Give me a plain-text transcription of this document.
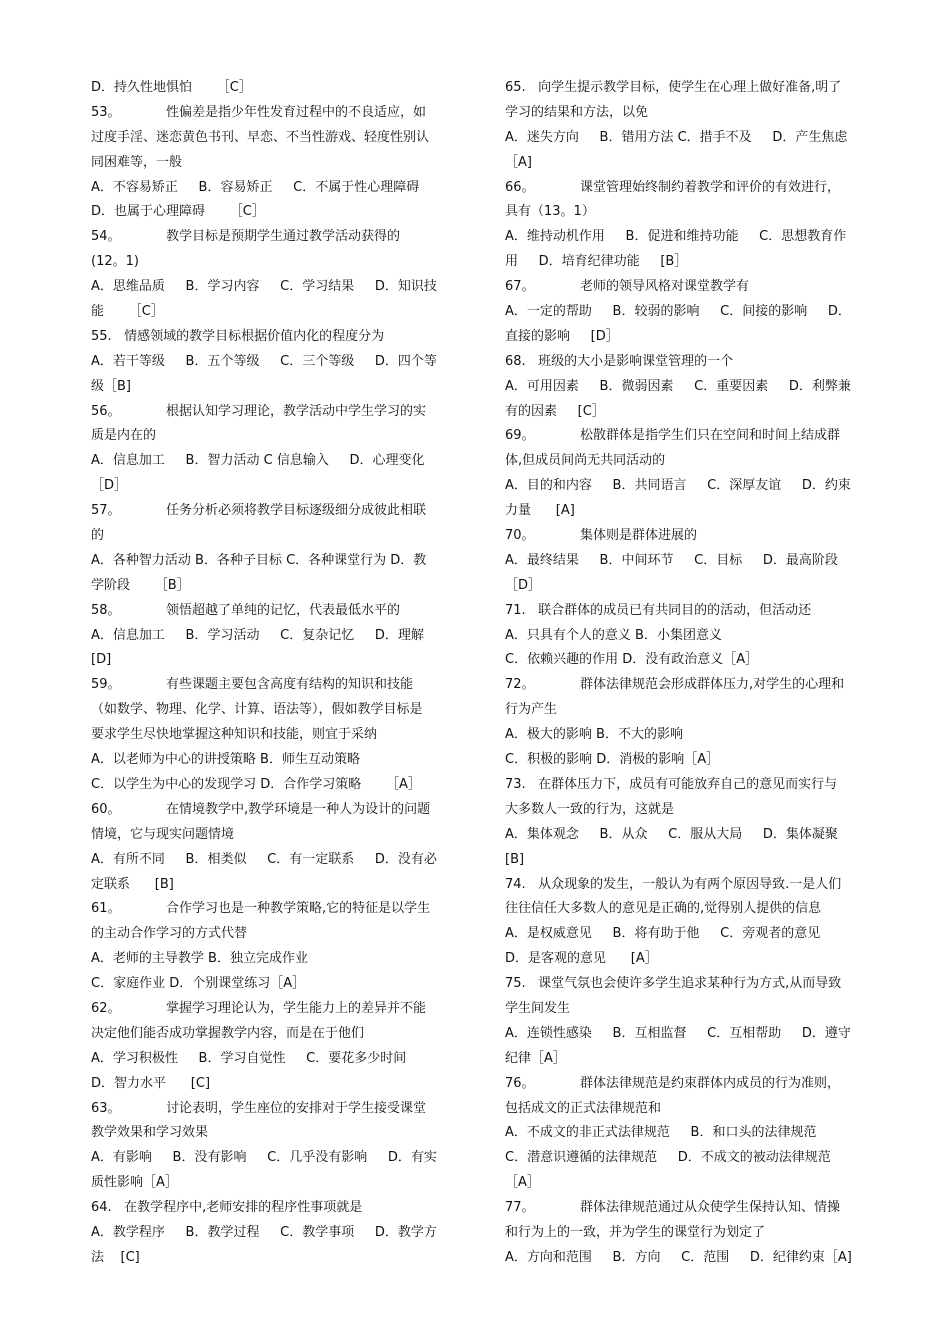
D．持久性地惧怕      ［C］
53。           性偏差是指少年性发育过程中的不良适应，如
过度手淫、迷恋黄色书刊、早恋、不当性游戏、轻度性别认
同困难等，一般
A．不容易矫正     B．容易矫正     C．不属于性心理障碍
D．也属于心理障碍      ［C］
54。           教学目标是预期学生通过教学活动获得的
(12。1)
A．思维品质     B．学习内容     C．学习结果     D．知识技
能      ［C］
55.   情感领域的教学目标根据价值内化的程度分为
A．若干等级     B．五个等级     C．三个等级     D．四个等
级［B]
56。           根据认知学习理论，教学活动中学生学习的实
质是内在的
A．信息加工     B．智力活动 C 信息输入     D．心理变化
［D］
57。           任务分析必须将教学目标逐级细分成彼此相联
的
A．各种智力活动 B．各种子目标 C．各种课堂行为 D．教
学阶段      ［B］
58。           领悟超越了单纯的记忆，代表最低水平的
A．信息加工     B．学习活动     C．复杂记忆     D．理解
[D]
59。           有些课题主要包含高度有结构的知识和技能
（如数学、物理、化学、计算、语法等），假如教学目标是
要求学生尽快地掌握这种知识和技能，则宜于采纳
A．以老师为中心的讲授策略 B．师生互动策略
C．以学生为中心的发现学习 D．合作学习策略      ［A］
60。           在情境教学中,教学环境是一种人为设计的问题
情境，它与现实问题情境
A．有所不同     B．相类似     C．有一定联系     D．没有必
定联系      [B]
61。           合作学习也是一种教学策略,它的特征是以学生
的主动合作学习的方式代替
A．老师的主导教学 B．独立完成作业
C．家庭作业 D．个别课堂练习［A］
62。           掌握学习理论认为，学生能力上的差异并不能
决定他们能否成功掌握教学内容，而是在于他们
A．学习积极性     B．学习自觉性     C．要花多少时间
D．智力水平      [C]
63。           讨论表明，学生座位的安排对于学生接受课堂
教学效果和学习效果
A．有影响     B．没有影响     C．几乎没有影响     D．有实
质性影响［A］
64.   在教学程序中,老师安排的程序性事项就是
A．教学程序     B．教学过程     C．教学事项     D．教学方
法    [C]
65.   向学生提示教学目标，使学生在心理上做好准备,明了
学习的结果和方法，以免
A．迷失方向     B．错用方法 C．措手不及     D．产生焦虑
［A]
66。           课堂管理始终制约着教学和评价的有效进行，
具有（13。1）
A．维持动机作用     B．促进和维持功能     C．思想教育作
用     D．培育纪律功能     [B］
67。           老师的领导风格对课堂教学有
A．一定的帮助     B．较弱的影响     C．间接的影响     D．
直接的影响     [D］
68.   班级的大小是影响课堂管理的一个
A．可用因素     B．微弱因素     C．重要因素     D．利弊兼
有的因素     [C］
69。           松散群体是指学生们只在空间和时间上结成群
体,但成员间尚无共同活动的
A．目的和内容     B．共同语言     C．深厚友谊     D．约束
力量      [A]
70。           集体则是群体进展的
A．最终结果     B．中间环节     C．目标     D．最高阶段
［D］
71.   联合群体的成员已有共同目的的活动，但活动还
A．只具有个人的意义 B．小集团意义
C．依赖兴趣的作用 D．没有政治意义［A］
72。           群体法律规范会形成群体压力,对学生的心理和
行为产生
A．极大的影响 B．不大的影响
C．积极的影响 D．消极的影响［A］
73.   在群体压力下，成员有可能放弃自己的意见而实行与
大多数人一致的行为，这就是
A．集体观念     B．从众     C．服从大局     D．集体凝聚
[B]
74.   从众现象的发生，一般认为有两个原因导致.一是人们
往往信任大多数人的意见是正确的,觉得别人提供的信息
A．是权威意见     B．将有助于他     C．旁观者的意见
D．是客观的意见      [A］
75.   课堂气氛也会使许多学生追求某种行为方式,从而导致
学生间发生
A．连锁性感染     B．互相监督     C．互相帮助     D．遵守
纪律［A］
76。           群体法律规范是约束群体内成员的行为准则，
包括成文的正式法律规范和
A．不成文的非正式法律规范     B．和口头的法律规范
C．潜意识遵循的法律规范     D．不成文的被动法律规范
［A］
77。           群体法律规范通过从众使学生保持认知、情操
和行为上的一致，并为学生的课堂行为划定了
A．方向和范围     B．方向     C．范围     D．纪律约束［A]
